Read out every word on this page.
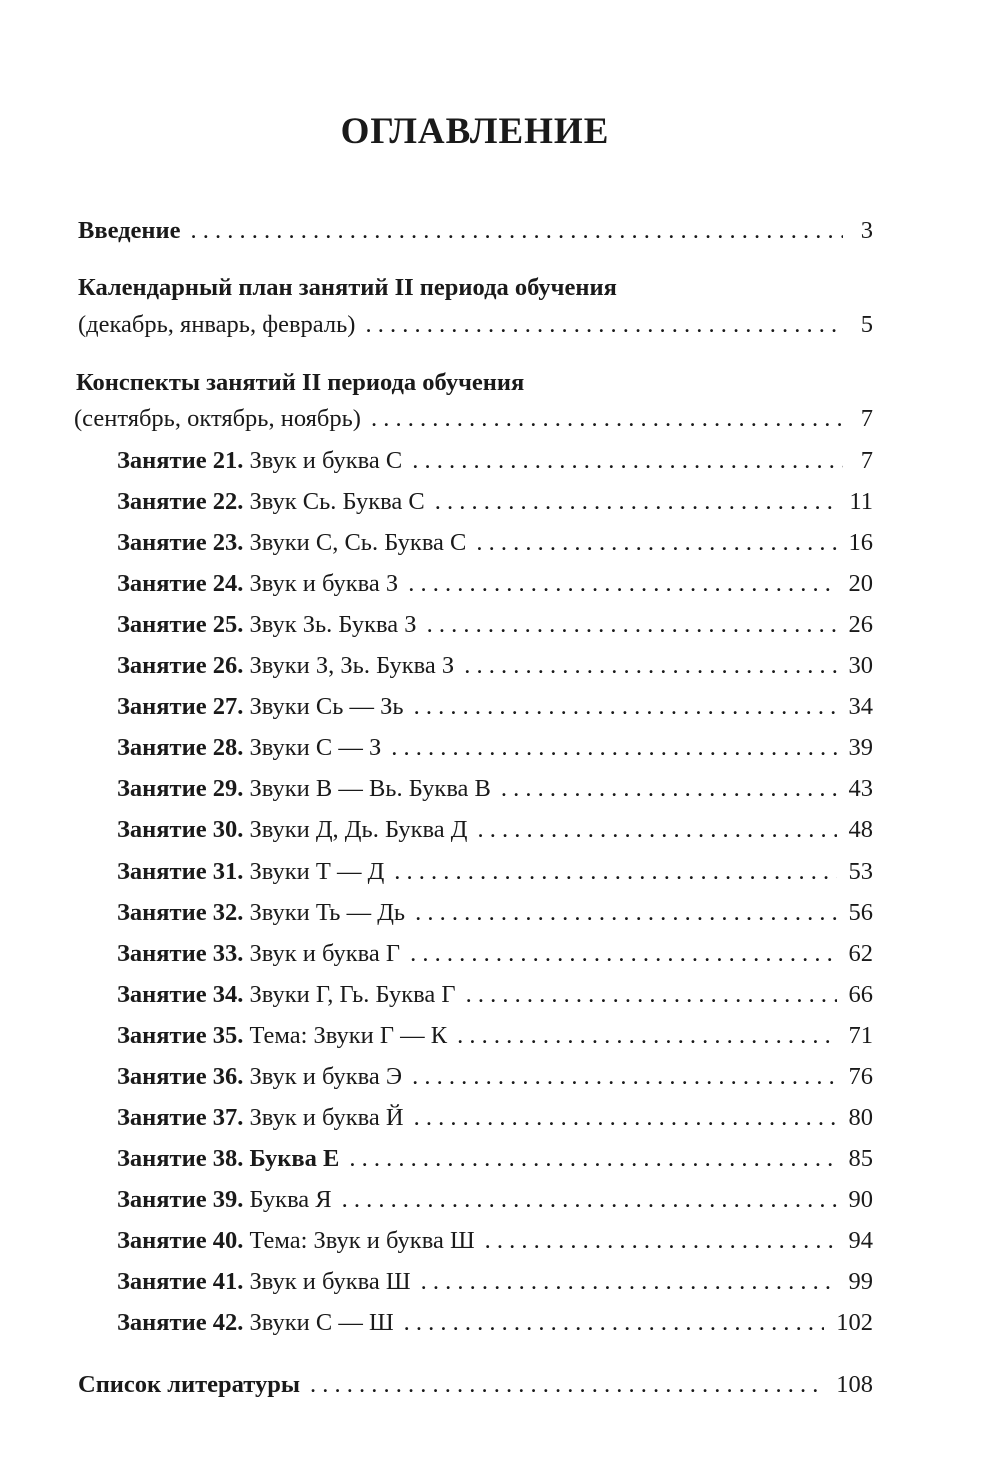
ОГЛАВЛЕНИЕ
Введение . . .	3
Календарный план занятий II периода обучения
(декабрь, январь, февраль) . . .	5
Конспекты занятий II периода обучения
(сентябрь, октябрь, ноябрь) . . .	7
Занятие 21. Звук и буква С . . .	7
Занятие 22. Звук Сь. Буква С . . .	11
Занятие 23. Звуки С, Сь. Буква С . . .	16
Занятие 24. Звук и буква З . . .	20
Занятие 25. Звук Зь. Буква З . . .	26
Занятие 26. Звуки З, Зь. Буква З . . .	30
Занятие 27. Звуки Сь — Зь . . .	34
Занятие 28. Звуки С — З . . .	39
Занятие 29. Звуки В — Вь. Буква В . . .	43
Занятие 30. Звуки Д, Дь. Буква Д . . .	48
Занятие 31. Звуки Т — Д . . .	53
Занятие 32. Звуки Ть — Дь . . .	56
Занятие 33. Звук и буква Г . . .	62
Занятие 34. Звуки Г, Гь. Буква Г . . .	66
Занятие 35. Тема: Звуки Г — К . . .	71
Занятие 36. Звук и буква Э . . .	76
Занятие 37. Звук и буква Й . . .	80
Занятие 38. Буква Е . . .	85
Занятие 39. Буква Я . . .	90
Занятие 40. Тема: Звук и буква Ш . . .	94
Занятие 41. Звук и буква Ш . . .	99
Занятие 42. Звуки С — Ш . . .	102
Список литературы . . .	108
